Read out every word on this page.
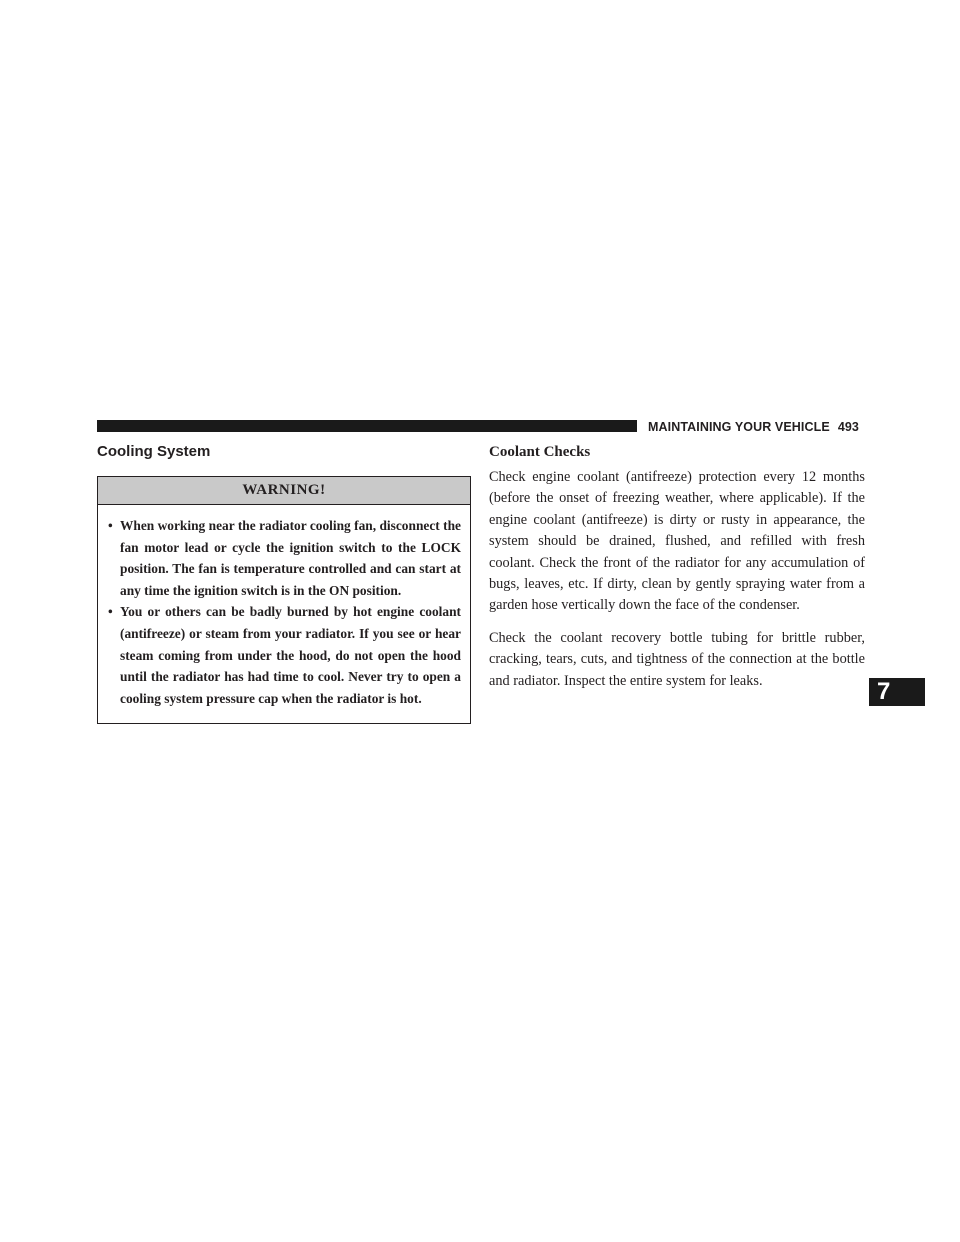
MAINTAINING YOUR VEHICLE 493
Cooling System
WARNING!
• When working near the radiator cooling fan, disconnect the fan motor lead or cycle the ignition switch to the LOCK position. The fan is temperature controlled and can start at any time the ignition switch is in the ON position.
• You or others can be badly burned by hot engine coolant (antifreeze) or steam from your radiator. If you see or hear steam coming from under the hood, do not open the hood until the radiator has had time to cool. Never try to open a cooling system pressure cap when the radiator is hot.
Coolant Checks

Check engine coolant (antifreeze) protection every 12 months (before the onset of freezing weather, where applicable). If the engine coolant (antifreeze) is dirty or rusty in appearance, the system should be drained, flushed, and refilled with fresh coolant. Check the front of the radiator for any accumulation of bugs, leaves, etc. If dirty, clean by gently spraying water from a garden hose vertically down the face of the condenser.

Check the coolant recovery bottle tubing for brittle rubber, cracking, tears, cuts, and tightness of the connection at the bottle and radiator. Inspect the entire system for leaks.	7
